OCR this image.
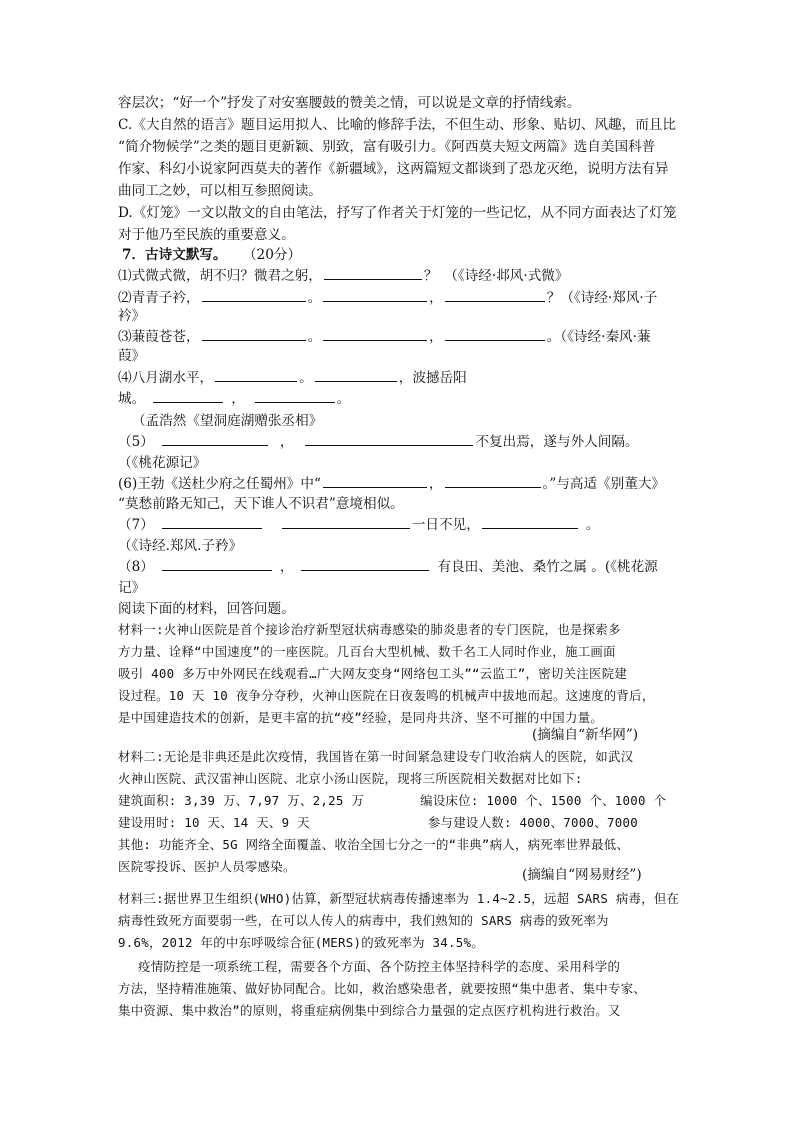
容层次；“好一个”抒发了对安塞腰鼓的赞美之情，可以说是文章的抒情线索。
C.《大自然的语言》题目运用拟人、比喻的修辞手法，不但生动、形象、贴切、风趣，而且比
“简介物候学”之类的题目更新颖、别致，富有吸引力。《阿西莫夫短文两篇》选自美国科普
作家、科幻小说家阿西莫夫的著作《新疆域》，这两篇短文都谈到了恐龙灭绝，说明方法有异
曲同工之妙，可以相互参照阅读。
D.《灯笼》一文以散文的自由笔法，抒写了作者关于灯笼的一些记忆，从不同方面表达了灯笼
对于他乃至民族的重要意义。
7．古诗文默写。 （20分）
⑴式微式微，胡不归？微君之躬，	？　（《诗经·邶风·式微》
⑵青青子衿，	。	，	？（《诗经·郑风·子
衿》
⑶蒹葭苍苍，	。	，	。（《诗经·秦风·蒹
葭》
⑷八月湖水平，	。	，波撼岳阳
城。	，	。
（孟浩然《望洞庭湖赠张丞相》
（5）	，	不复出焉，遂与外人间隔。
（《桃花源记》
(6)王勃《送杜少府之任蜀州》中“	，	。”与高适《别董大》
“莫愁前路无知己，天下谁人不识君”意境相似。
（7）	一日不见，	。
（《诗经.郑风.子矜》
（8）	，	有良田、美池、桑竹之属 。(《桃花源
记》
阅读下面的材料，回答问题。
材料一:火神山医院是首个接诊治疗新型冠状病毒感染的肺炎患者的专门医院，也是探索多
方力量、诠释“中国速度”的一座医院。几百台大型机械、数千名工人同时作业，施工画面
吸引 400 多万中外网民在线观看…广大网友变身“网络包工头”“云监工”，密切关注医院建
设过程。10 天 10 夜争分夺秒，火神山医院在日夜轰鸣的机械声中拔地而起。这速度的背后，
是中国建造技术的创新，是更丰富的抗“疫”经验，是同舟共济、坚不可摧的中国力量。
(摘编自“新华网”)
材料二:无论是非典还是此次疫情，我国皆在第一时间紧急建设专门收治病人的医院，如武汉
火神山医院、武汉雷神山医院、北京小汤山医院，现将三所医院相关数据对比如下:
建筑面积: 3,39 万、7,97 万、2,25 万	编设床位: 1000 个、1500 个、1000 个
建设用时: 10 天、14 天、9 天	参与建设人数: 4000、7000、7000
其他: 功能齐全、5G 网络全面覆盖、收治全国七分之一的“非典”病人，病死率世界最低、
医院零投诉、医护人员零感染。
(摘编自“网易财经”)
材料三:据世界卫生组织(WHO)估算，新型冠状病毒传播速率为 1.4~2.5，远超 SARS 病毒，但在
病毒性致死方面要弱一些，在可以人传人的病毒中，我们熟知的 SARS 病毒的致死率为
9.6%，2012 年的中东呼吸综合征(MERS)的致死率为 34.5%。
疫情防控是一项系统工程，需要各个方面、各个防控主体坚持科学的态度、采用科学的
方法，坚持精准施策、做好协同配合。比如，救治感染患者，就要按照“集中患者、集中专家、
集中资源、集中救治”的原则，将重症病例集中到综合力量强的定点医疗机构进行救治。又
